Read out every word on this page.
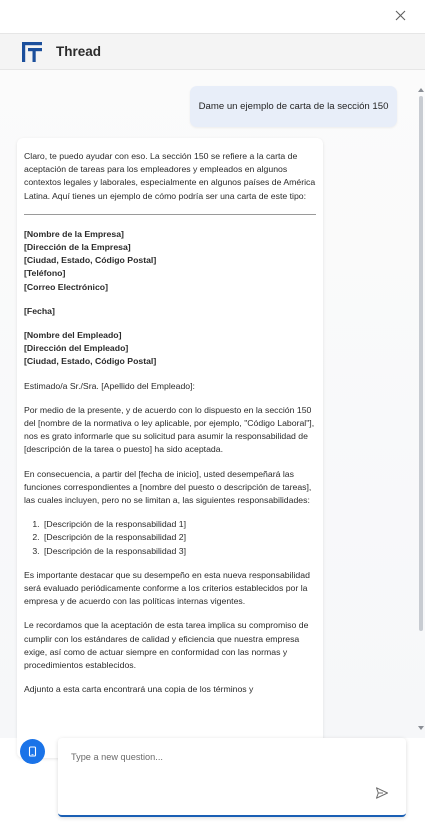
Thread
Dame un ejemplo de carta de la sección 150

Claro, te puedo ayudar con eso. La sección 150 se refiere a la carta de aceptación de tareas para los empleadores y empleados en algunos contextos legales y laborales, especialmente en algunos países de América Latina. Aquí tienes un ejemplo de cómo podría ser una carta de este tipo:

[Nombre de la Empresa]
[Dirección de la Empresa]
[Ciudad, Estado, Código Postal]
[Teléfono]
[Correo Electrónico]
[Fecha]
[Nombre del Empleado]
[Dirección del Empleado]
[Ciudad, Estado, Código Postal]

Estimado/a Sr./Sra. [Apellido del Empleado]:

Por medio de la presente, y de acuerdo con lo dispuesto en la sección 150 del [nombre de la normativa o ley aplicable, por ejemplo, "Código Laboral"], nos es grato informarle que su solicitud para asumir la responsabilidad de [descripción de la tarea o puesto] ha sido aceptada.

En consecuencia, a partir del [fecha de inicio], usted desempeñará las funciones correspondientes a [nombre del puesto o descripción de tareas], las cuales incluyen, pero no se limitan a, las siguientes responsabilidades:

1. [Descripción de la responsabilidad 1]
2. [Descripción de la responsabilidad 2]
3. [Descripción de la responsabilidad 3]

Es importante destacar que su desempeño en esta nueva responsabilidad será evaluado periódicamente conforme a los criterios establecidos por la empresa y de acuerdo con las políticas internas vigentes.

Le recordamos que la aceptación de esta tarea implica su compromiso de cumplir con los estándares de calidad y eficiencia que nuestra empresa exige, así como de actuar siempre en conformidad con las normas y procedimientos establecidos.

Adjunto a esta carta encontrará una copia de los términos y

Type a new question...
